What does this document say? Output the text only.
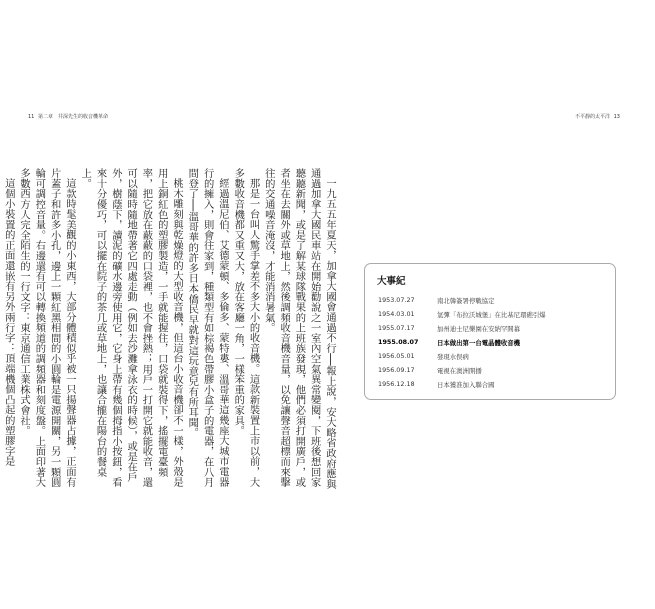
11 第二章　井深先生的收音機革命	不平靜的太平洋 13

一九五五年夏天，加拿大國會通過不行──報上說，安大略省政府應與通過加拿大國民車站在開始勸說之一室內空氣異常變閱，下班後想回家聽聽新聞，或是了解某球隊戰果的上班族發現，他們必須打開廣戶，或者坐在去關外或草地上，然後調頻收音機音量，以免讓聲音超標而來擊往的交通噪音淹沒，才能消消暑氣。

那是一台叫人驚手掌差不多大小的收音機。這款新裝置上市以前，大多數收音機都又重又大，放在客廳一角，一樣笨重的家具。

經過溫尼伯、艾德蒙頓、多倫多、蒙特婁、溫哥華這幾座大城市電器行的擁入，則會往家到，種類型有如棕褐色帶膠小盒子的電器，在八月間登了──溫哥華的許多日本僑民早就對這玩意兒有所耳聞。

桃木雕刻與乾燥燈的大型收音機，但這台小收音機卻不一樣，外殼是用上銅紅色的塑膠製造，一手就能握住，口袋就裝得下，搖擺電臺頻率，把它放在蔽蔽的口袋裡，也不會挫熱；用戶一打開它就能收音，還可以隨時隨地帶著它四處走動（例如去沙灘拿泳衣的時候），或是在戶外，樹蔭下，讀泥的礦水邊旁使用它，它身上帶有幾個拇指小按鈕，看來十分優巧，可以擺在院子的茶几或草地上，也讓合攏在陽台的餐桌上。

這款時髦美觀的小東西，大部分體積似乎被一只揚聲器占據，正面有片蓋子和許多小孔，邊上一顆紅黑相間的小圓輪是電源開關，另一顆圓輪可調控音量。右邊還有可以轉換頻道的調頻器和刻度盤。上面印著大多數西方人完全陌生的一行文字：東京通信工業株式會社。

這個小裝置的正面還嵌有另外兩行字：頂端機個凸起的塑膠字是

大事紀
1953.07.27	南北韓簽署停戰協定
1954.03.01	氫彈「布拉沃城堡」在比基尼環礁引爆
1955.07.17	加州迪士尼樂園在安納罕開幕
1955.08.07	日本做出第一台電晶體收音機
1956.05.01	發現水俣病
1956.09.17	電視在澳洲開播
1956.12.18	日本獲准加入聯合國
